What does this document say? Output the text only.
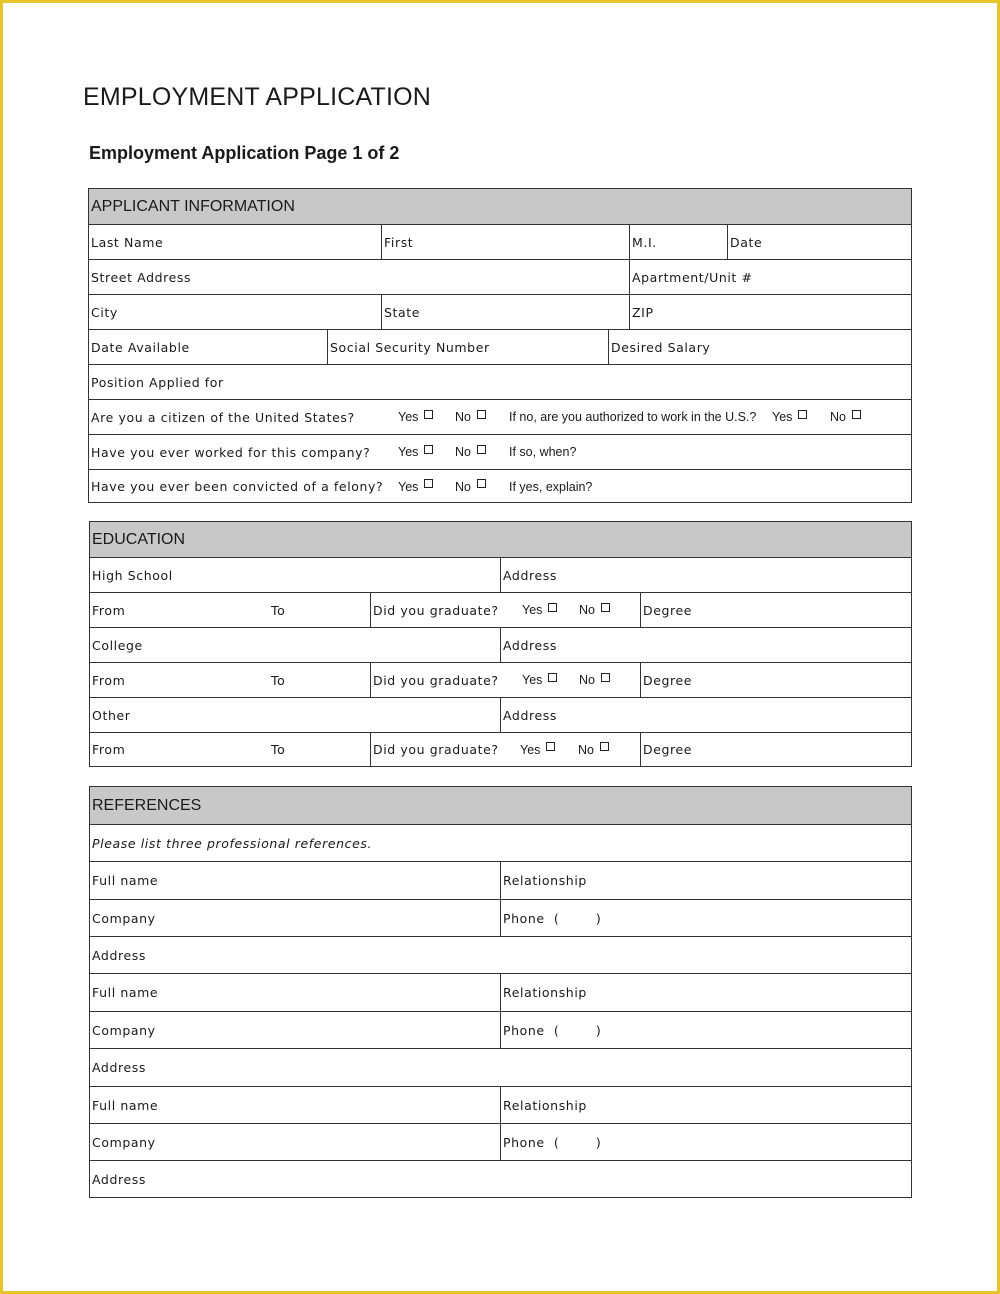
EMPLOYMENT APPLICATION
Employment Application Page 1 of 2
APPLICANT INFORMATION
Last Name	First	M.I.	Date
Street Address	Apartment/Unit #
City	State	ZIP
Date Available	Social Security Number	Desired Salary
Position Applied for
Are you a citizen of the United States?	Yes	No	If no, are you authorized to work in the U.S.? Yes	No
Have you ever worked for this company? Yes	No	If so, when?
Have you ever been convicted of a felony? Yes	No	If yes, explain?
EDUCATION
High School	Address
From	To	Did you graduate? Yes	No	Degree
College	Address
From	To	Did you graduate? Yes	No	Degree
Other	Address
From	To	Did you graduate? Yes	No	Degree
REFERENCES
Please list three professional references.
Full name	Relationship
Company	Phone  (        )
Address
Full name	Relationship
Company	Phone  (        )
Address
Full name	Relationship
Company	Phone  (        )
Address
